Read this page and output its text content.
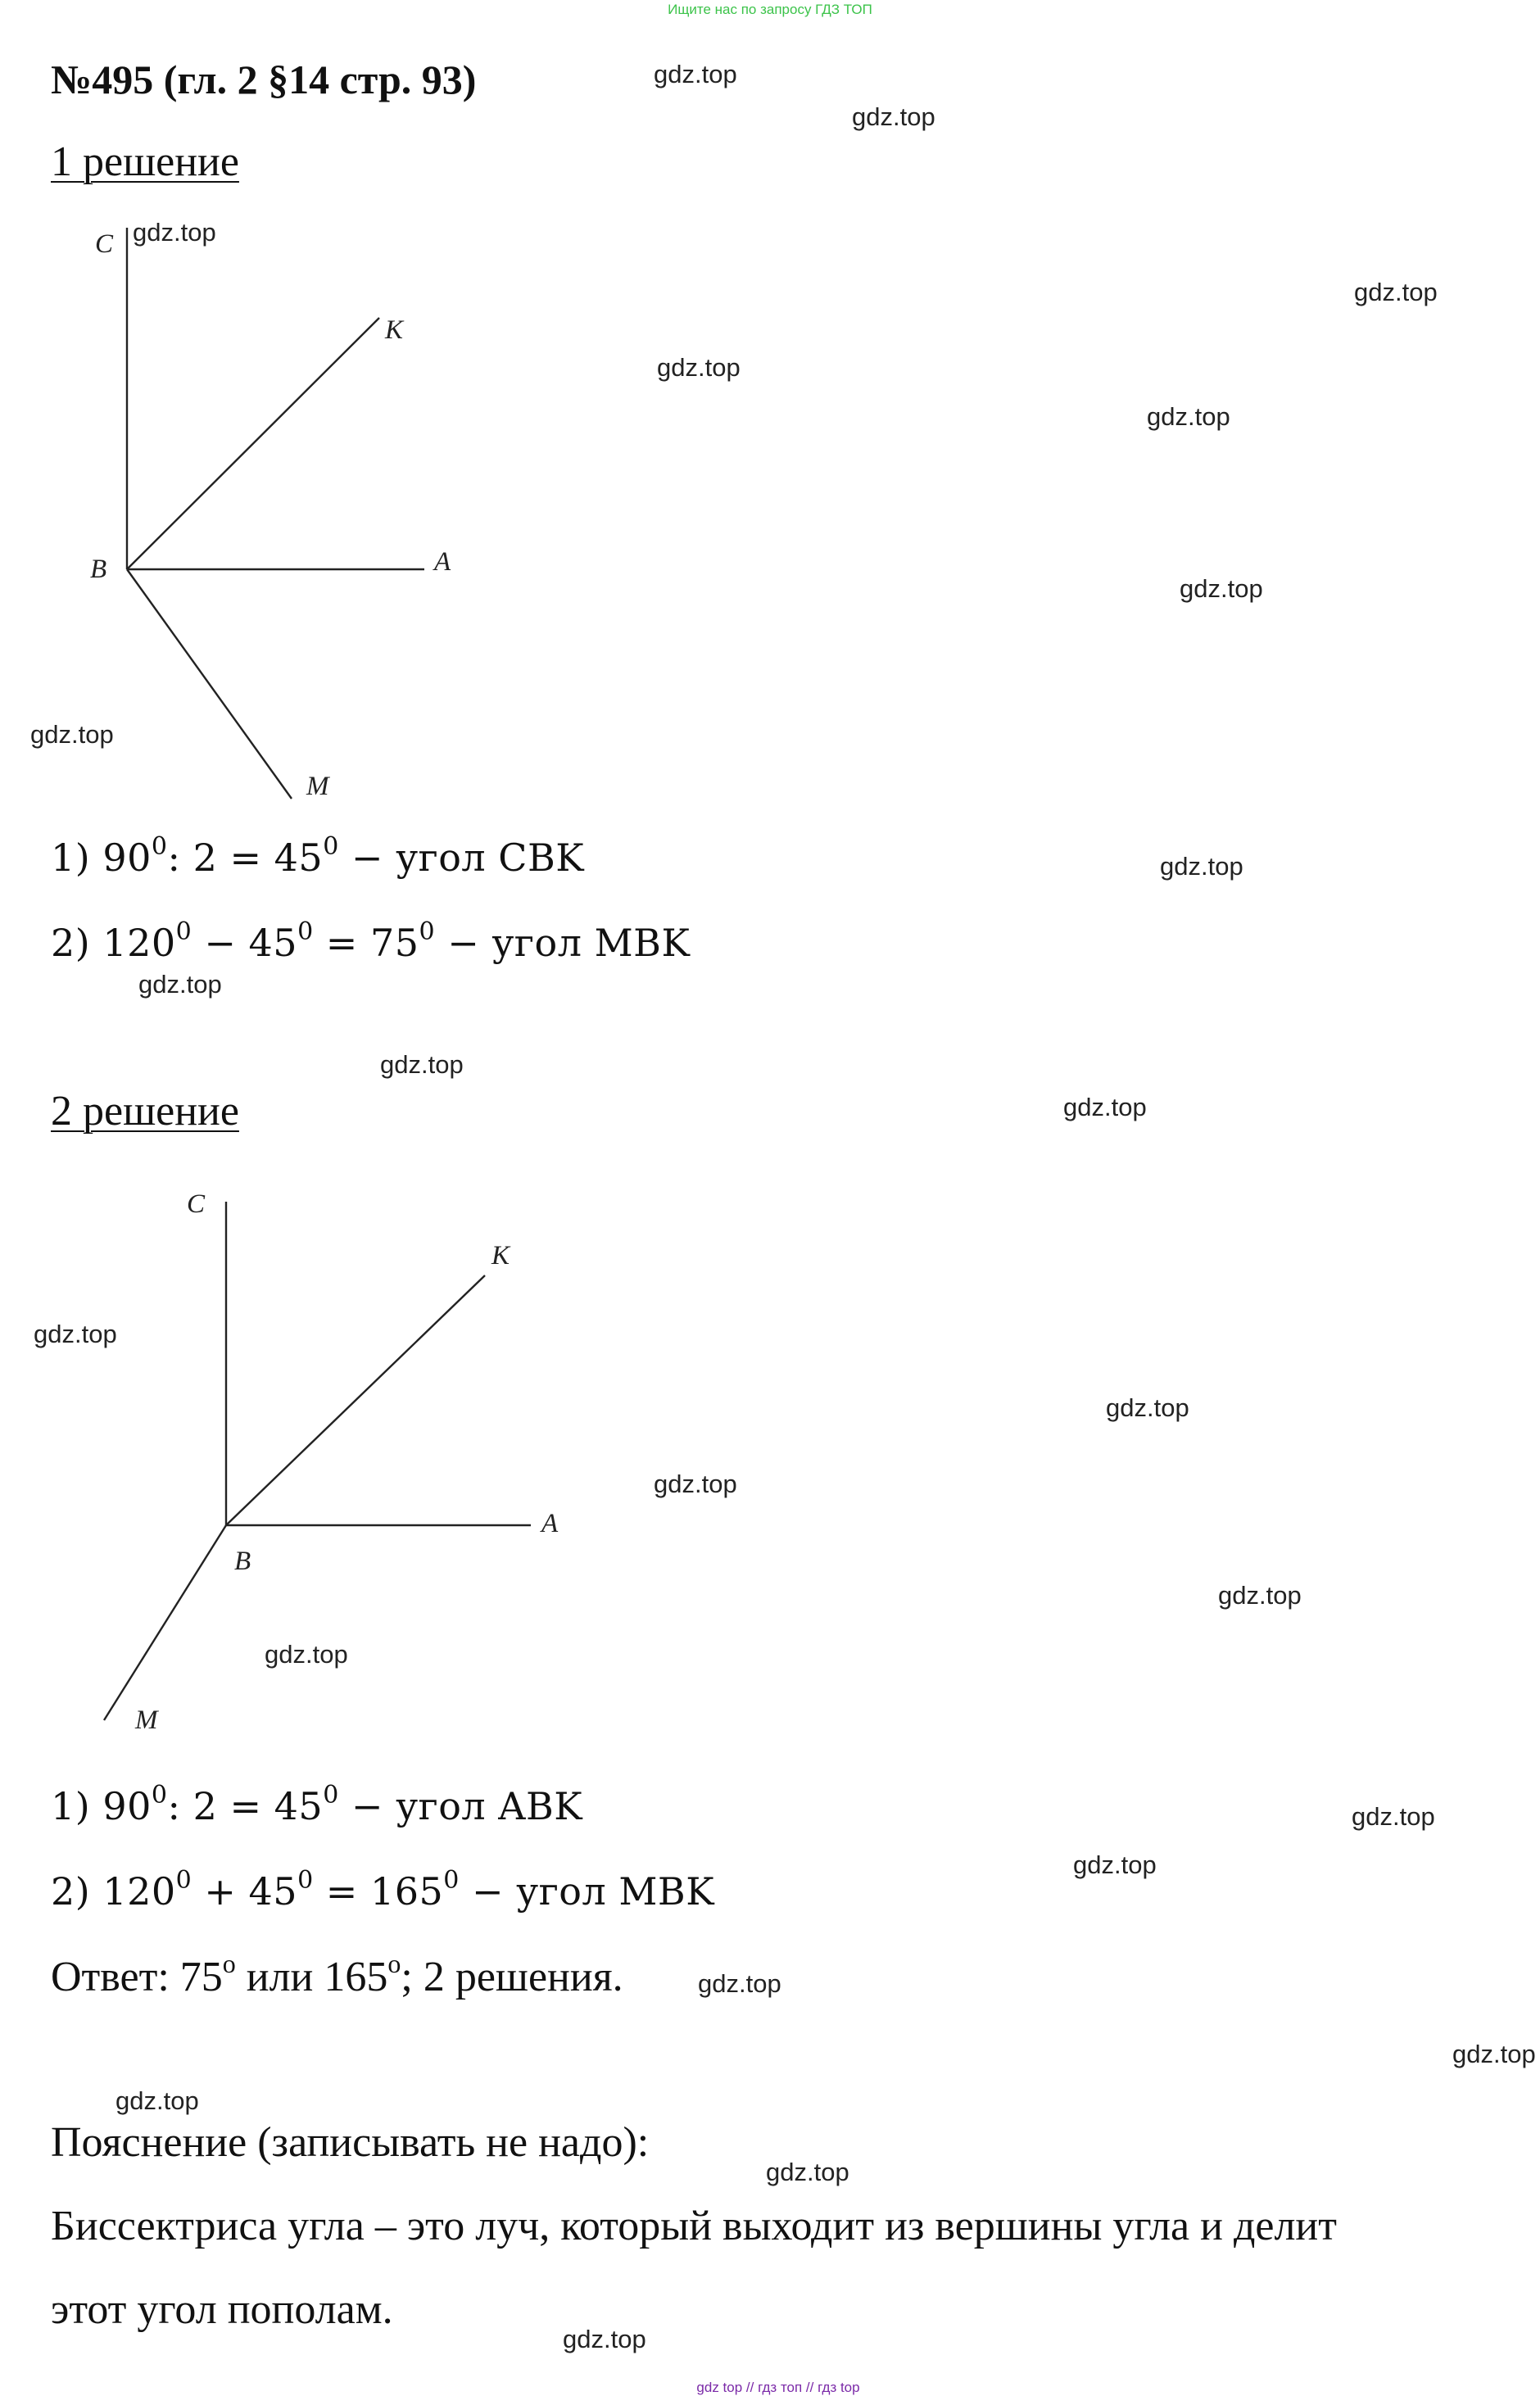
Ищите нас по запросу ГДЗ ТОП
№495 (гл. 2 §14 стр. 93)
1 решение
C
K
B	A
M
1) $90^0$: $2 = 45^0$ − угол CBK
2) $120^0 - 45^0 = 75^0$ − угол MBK
2 решение
C
K
B
A
M
1) $90^0$: $2 = 45^0$ − угол ABK
2) $120^0 + 45^0 = 165^0$ − угол MBK
Ответ: $75^о$ или $165^о$; 2 решения.
Пояснение (записывать не надо):
Биссектриса угла – это луч, который выходит из вершины угла и делит
этот угол пополам.
gdz.top
gdz.top
gdz.top
gdz.top
gdz.top
gdz.top
gdz.top
gdz.top
gdz.top
gdz.top
gdz.top
gdz.top
gdz.top
gdz.top
gdz.top
gdz.top
gdz.top
gdz.top
gdz.top
gdz.top
gdz.top
gdz.top
gdz.top
gdz.top
gdz top // гдз топ // гдз top
